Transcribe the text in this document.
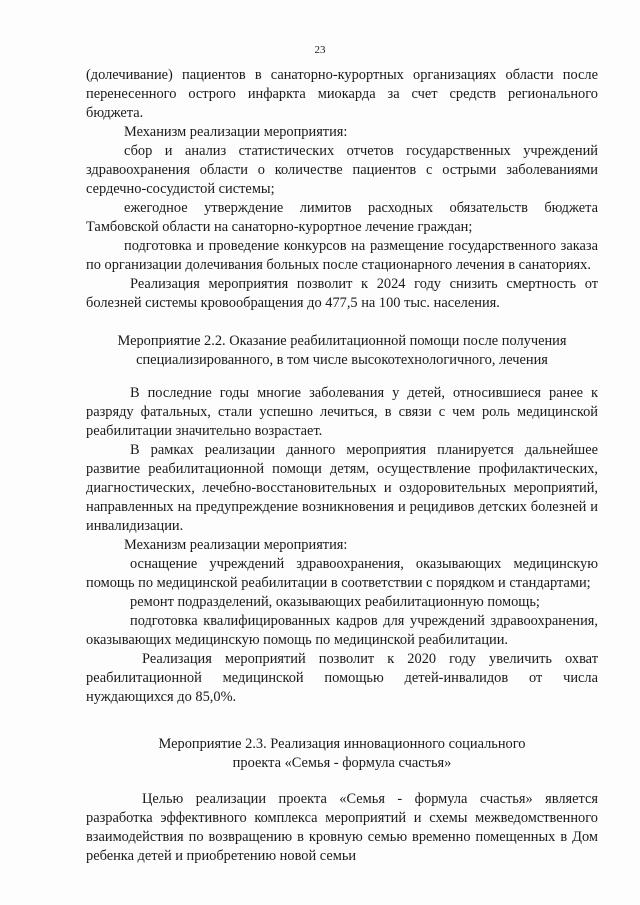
23

(долечивание) пациентов в санаторно-курортных организациях области после перенесенного острого инфаркта миокарда за счет средств регионального бюджета.

Механизм реализации мероприятия:

сбор и анализ статистических отчетов государственных учреждений здравоохранения области о количестве пациентов с острыми заболеваниями сердечно-сосудистой системы;

ежегодное утверждение лимитов расходных обязательств бюджета Тамбовской области на санаторно-курортное лечение граждан;

подготовка и проведение конкурсов на размещение государственного заказа по организации долечивания больных после стационарного лечения в санаториях.

Реализация мероприятия позволит к 2024 году снизить смертность от болезней системы кровообращения до 477,5 на 100 тыс. населения.

Мероприятие 2.2. Оказание реабилитационной помощи после получения

специализированного, в том числе высокотехнологичного, лечения

В последние годы многие заболевания у детей, относившиеся ранее к разряду фатальных, стали успешно лечиться, в связи с чем роль медицинской реабилитации значительно возрастает.

В рамках реализации данного мероприятия планируется дальнейшее развитие реабилитационной помощи детям, осуществление профилактических, диагностических, лечебно-восстановительных и оздоровительных мероприятий, направленных на предупреждение возникновения и рецидивов детских болезней и инвалидизации.

Механизм реализации мероприятия:

оснащение учреждений здравоохранения, оказывающих медицинскую помощь по медицинской реабилитации в соответствии с порядком и стандартами;

ремонт подразделений, оказывающих реабилитационную помощь;

подготовка квалифицированных кадров для учреждений здравоохранения, оказывающих медицинскую помощь по медицинской реабилитации.

Реализация мероприятий позволит к 2020 году увеличить охват реабилитационной медицинской помощью детей-инвалидов от числа нуждающихся до 85,0%.

Мероприятие 2.3. Реализация инновационного социального

проекта «Семья - формула счастья»

Целью реализации проекта «Семья - формула счастья» является разработка эффективного комплекса мероприятий и схемы межведомственного взаимодействия по возвращению в кровную семью временно помещенных в Дом ребенка детей и приобретению новой семьи
